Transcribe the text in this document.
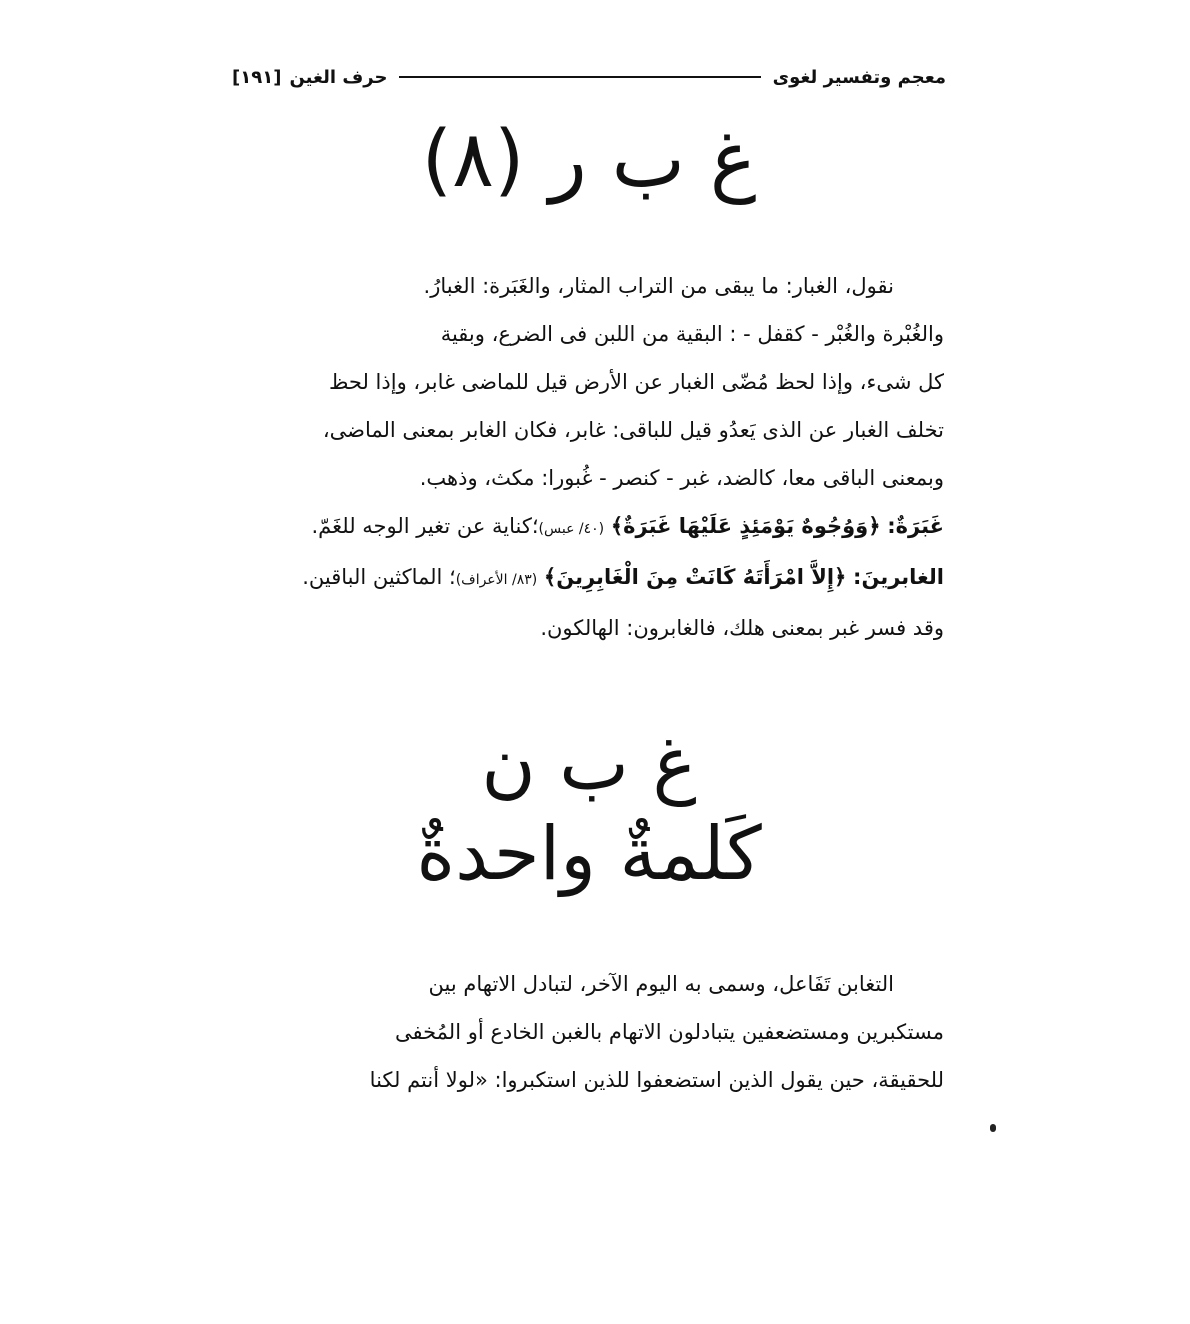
معجم وتفسير لغوى
حرف الغين
[١٩١]
غ ب ر (٨)
نقول، الغبار: ما يبقى من التراب المثار، والغَبَرة: الغبارُ.
والغُبْرة والغُبْر - كقفل - : البقية من اللبن فى الضرع، وبقية
كل شىء، وإذا لحظ مُضّى الغبار عن الأرض قيل للماضى غابر، وإذا لحظ
تخلف الغبار عن الذى يَعدُو قيل للباقى: غابر، فكان الغابر بمعنى الماضى،
وبمعنى الباقى معا، كالضد، غبر - كنصر - غُبورا: مكث، وذهب.
غَبَرَةٌ: ﴿وَوُجُوهٌ يَوْمَئِذٍ عَلَيْهَا غَبَرَةٌ﴾ (٤٠/ عبس)؛كناية عن تغير الوجه للغَمّ.
الغابرينَ: ﴿إِلاَّ امْرَأَتَهُ كَانَتْ مِنَ الْغَابِرِينَ﴾ (٨٣/ الأعراف)؛ الماكثين الباقين.
وقد فسر غبر بمعنى هلك، فالغابرون: الهالكون.
غ ب ن
كَلمةٌ واحدةٌ
التغابن تَفَاعل، وسمى به اليوم الآخر، لتبادل الاتهام بين
مستكبرين ومستضعفين يتبادلون الاتهام بالغبن الخادع أو المُخفى
للحقيقة، حين يقول الذين استضعفوا للذين استكبروا: «لولا أنتم لكنا
